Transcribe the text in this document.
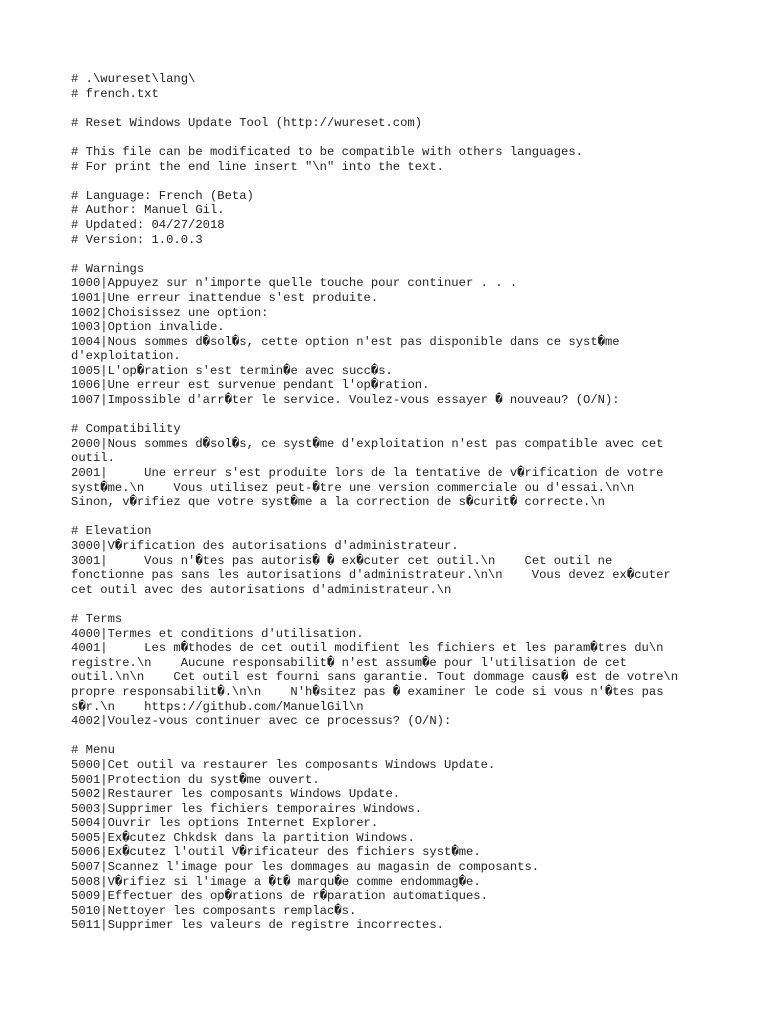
# .\wureset\lang\
# french.txt
# Reset Windows Update Tool (http://wureset.com)
# This file can be modificated to be compatible with others languages.
# For print the end line insert "\n" into the text.
# Language: French (Beta)
# Author: Manuel Gil.
# Updated: 04/27/2018
# Version: 1.0.0.3
# Warnings
1000|Appuyez sur n'importe quelle touche pour continuer . . .
1001|Une erreur inattendue s'est produite.
1002|Choisissez une option:
1003|Option invalide.
1004|Nous sommes d�sol�s, cette option n'est pas disponible dans ce syst�me
d'exploitation.
1005|L'op�ration s'est termin�e avec succ�s.
1006|Une erreur est survenue pendant l'op�ration.
1007|Impossible d'arr�ter le service. Voulez-vous essayer � nouveau? (O/N):
# Compatibility
2000|Nous sommes d�sol�s, ce syst�me d'exploitation n'est pas compatible avec cet
outil.
2001|     Une erreur s'est produite lors de la tentative de v�rification de votre
syst�me.\n    Vous utilisez peut-�tre une version commerciale ou d'essai.\n\n
Sinon, v�rifiez que votre syst�me a la correction de s�curit� correcte.\n
# Elevation
3000|V�rification des autorisations d'administrateur.
3001|     Vous n'�tes pas autoris� � ex�cuter cet outil.\n    Cet outil ne
fonctionne pas sans les autorisations d'administrateur.\n\n    Vous devez ex�cuter
cet outil avec des autorisations d'administrateur.\n
# Terms
4000|Termes et conditions d'utilisation.
4001|     Les m�thodes de cet outil modifient les fichiers et les param�tres du\n
registre.\n    Aucune responsabilit� n'est assum�e pour l'utilisation de cet
outil.\n\n    Cet outil est fourni sans garantie. Tout dommage caus� est de votre\n
propre responsabilit�.\n\n    N'h�sitez pas � examiner le code si vous n'�tes pas
s�r.\n    https://github.com/ManuelGil\n
4002|Voulez-vous continuer avec ce processus? (O/N):
# Menu
5000|Cet outil va restaurer les composants Windows Update.
5001|Protection du syst�me ouvert.
5002|Restaurer les composants Windows Update.
5003|Supprimer les fichiers temporaires Windows.
5004|Ouvrir les options Internet Explorer.
5005|Ex�cutez Chkdsk dans la partition Windows.
5006|Ex�cutez l'outil V�rificateur des fichiers syst�me.
5007|Scannez l'image pour les dommages au magasin de composants.
5008|V�rifiez si l'image a �t� marqu�e comme endommag�e.
5009|Effectuer des op�rations de r�paration automatiques.
5010|Nettoyer les composants remplac�s.
5011|Supprimer les valeurs de registre incorrectes.
